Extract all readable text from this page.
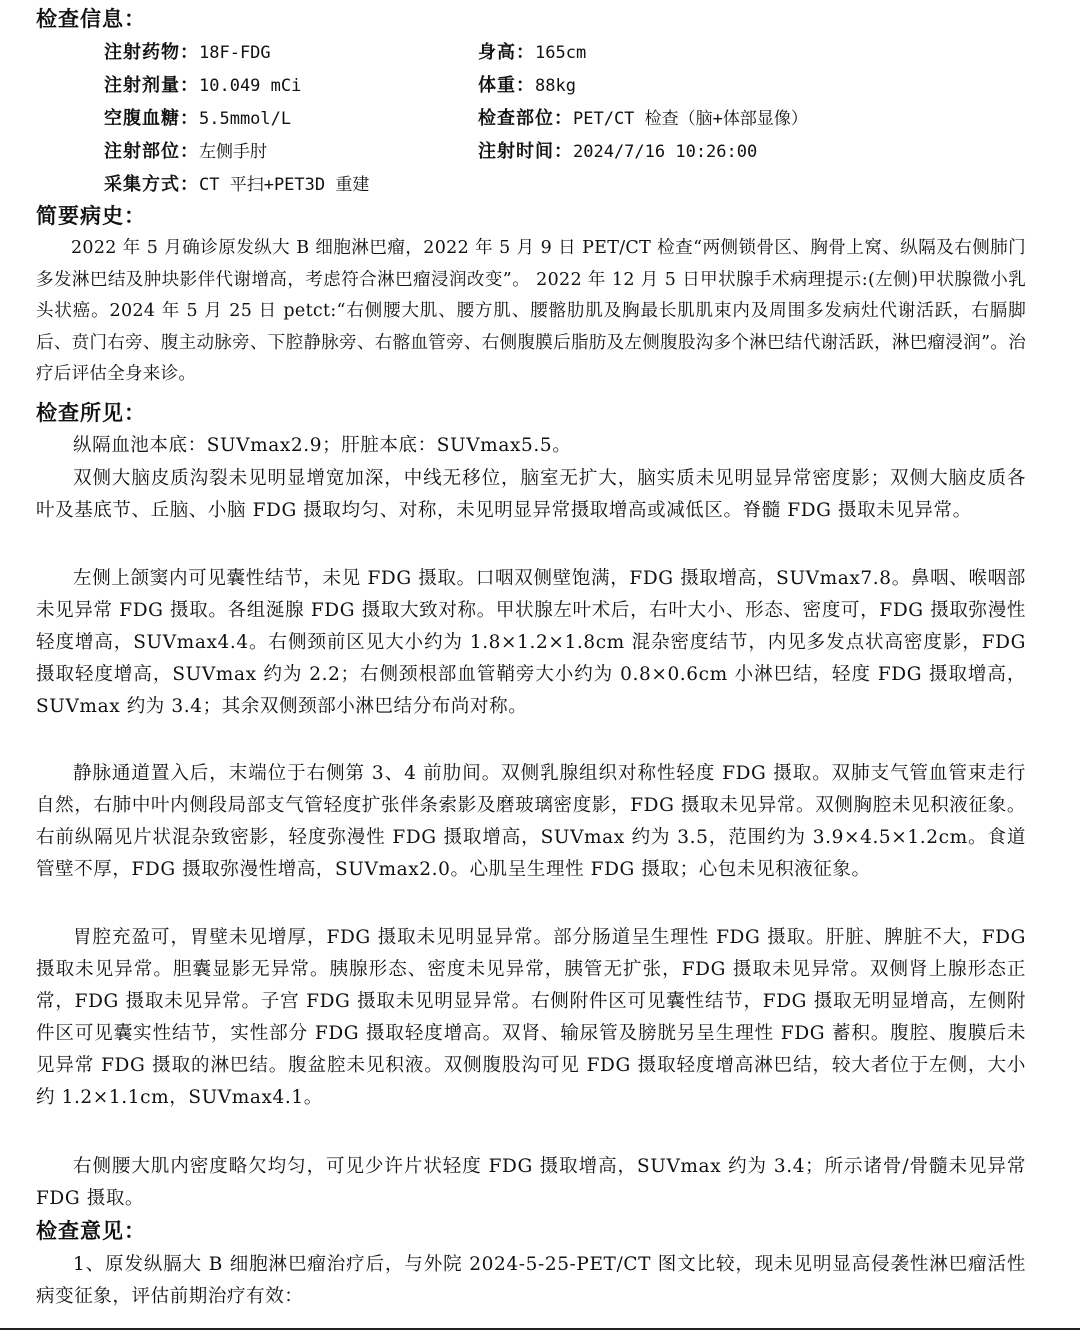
检查信息：
注射药物：18F-FDG	身高：165cm
注射剂量：10.049 mCi	体重：88kg
空腹血糖：5.5mmol/L	检查部位：PET/CT 检查（脑+体部显像）
注射部位：左侧手肘	注射时间：2024/7/16 10:26:00
采集方式：CT 平扫+PET3D 重建
简要病史：

2022 年 5 月确诊原发纵大 B 细胞淋巴瘤，2022 年 5 月 9 日 PET/CT 检查“两侧锁骨区、胸骨上窝、纵隔及右侧肺门多发淋巴结及肿块影伴代谢增高，考虑符合淋巴瘤浸润改变”。 2022 年 12 月 5 日甲状腺手术病理提示:(左侧)甲状腺微小乳头状癌。2024 年 5 月 25 日 petct:“右侧腰大肌、腰方肌、腰髂肋肌及胸最长肌肌束内及周围多发病灶代谢活跃，右膈脚后、贲门右旁、腹主动脉旁、下腔静脉旁、右髂血管旁、右侧腹膜后脂肪及左侧腹股沟多个淋巴结代谢活跃，淋巴瘤浸润”。治疗后评估全身来诊。

检查所见：

纵隔血池本底：SUVmax2.9；肝脏本底：SUVmax5.5。

双侧大脑皮质沟裂未见明显增宽加深，中线无移位，脑室无扩大，脑实质未见明显异常密度影；双侧大脑皮质各叶及基底节、丘脑、小脑 FDG 摄取均匀、对称，未见明显异常摄取增高或减低区。脊髓 FDG 摄取未见异常。

左侧上颌窦内可见囊性结节，未见 FDG 摄取。口咽双侧壁饱满，FDG 摄取增高，SUVmax7.8。鼻咽、喉咽部未见异常 FDG 摄取。各组涎腺 FDG 摄取大致对称。甲状腺左叶术后，右叶大小、形态、密度可，FDG 摄取弥漫性轻度增高，SUVmax4.4。右侧颈前区见大小约为 1.8×1.2×1.8cm 混杂密度结节，内见多发点状高密度影，FDG 摄取轻度增高，SUVmax 约为 2.2；右侧颈根部血管鞘旁大小约为 0.8×0.6cm 小淋巴结，轻度 FDG 摄取增高，SUVmax 约为 3.4；其余双侧颈部小淋巴结分布尚对称。

静脉通道置入后，末端位于右侧第 3、4 前肋间。双侧乳腺组织对称性轻度 FDG 摄取。双肺支气管血管束走行自然，右肺中叶内侧段局部支气管轻度扩张伴条索影及磨玻璃密度影，FDG 摄取未见异常。双侧胸腔未见积液征象。右前纵隔见片状混杂致密影，轻度弥漫性 FDG 摄取增高，SUVmax 约为 3.5，范围约为 3.9×4.5×1.2cm。食道管壁不厚，FDG 摄取弥漫性增高，SUVmax2.0。心肌呈生理性 FDG 摄取；心包未见积液征象。

胃腔充盈可，胃壁未见增厚，FDG 摄取未见明显异常。部分肠道呈生理性 FDG 摄取。肝脏、脾脏不大，FDG 摄取未见异常。胆囊显影无异常。胰腺形态、密度未见异常，胰管无扩张，FDG 摄取未见异常。双侧肾上腺形态正常，FDG 摄取未见异常。子宫 FDG 摄取未见明显异常。右侧附件区可见囊性结节，FDG 摄取无明显增高，左侧附件区可见囊实性结节，实性部分 FDG 摄取轻度增高。双肾、输尿管及膀胱另呈生理性 FDG 蓄积。腹腔、腹膜后未见异常 FDG 摄取的淋巴结。腹盆腔未见积液。双侧腹股沟可见 FDG 摄取轻度增高淋巴结，较大者位于左侧，大小约 1.2×1.1cm，SUVmax4.1。

右侧腰大肌内密度略欠均匀，可见少许片状轻度 FDG 摄取增高，SUVmax 约为 3.4；所示诸骨/骨髓未见异常 FDG 摄取。

检查意见：

1、原发纵膈大 B 细胞淋巴瘤治疗后，与外院 2024-5-25-PET/CT 图文比较，现未见明显高侵袭性淋巴瘤活性病变征象，评估前期治疗有效：
